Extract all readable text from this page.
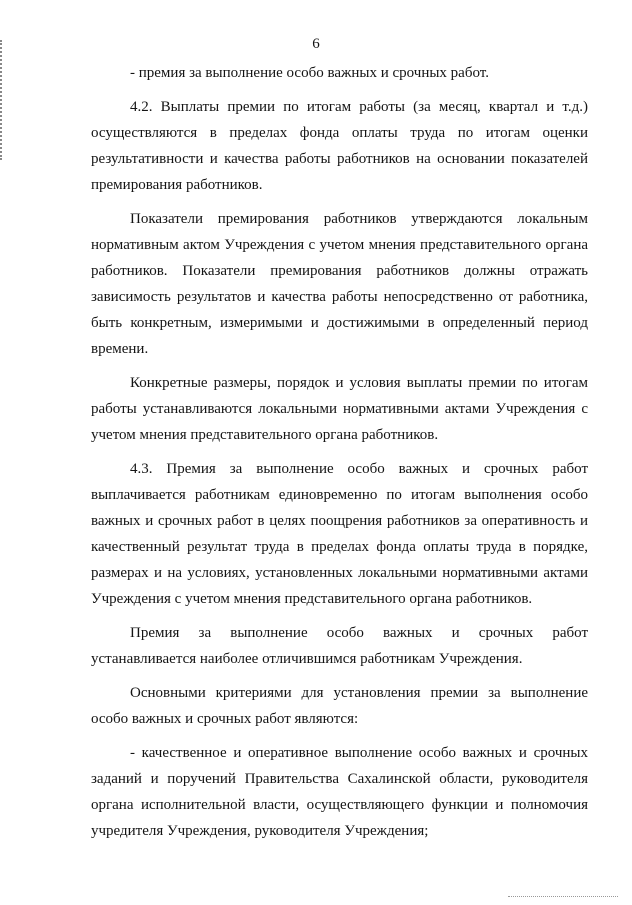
6

- премия за выполнение особо важных и срочных работ.

4.2. Выплаты премии по итогам работы (за месяц, квартал и т.д.) осуществляются в пределах фонда оплаты труда по итогам оценки результативности и качества работы работников на основании показателей премирования работников.

Показатели премирования работников утверждаются локальным нормативным актом Учреждения с учетом мнения представительного органа работников. Показатели премирования работников должны отражать зависимость результатов и качества работы непосредственно от работника, быть конкретным, измеримыми и достижимыми в определенный период времени.

Конкретные размеры, порядок и условия выплаты премии по итогам работы устанавливаются локальными нормативными актами Учреждения с учетом мнения представительного органа работников.

4.3. Премия за выполнение особо важных и срочных работ выплачивается работникам единовременно по итогам выполнения особо важных и срочных работ в целях поощрения работников за оперативность и качественный результат труда в пределах фонда оплаты труда в порядке, размерах и на условиях, установленных локальными нормативными актами Учреждения с учетом мнения представительного органа работников.

Премия за выполнение особо важных и срочных работ устанавливается наиболее отличившимся работникам Учреждения.

Основными критериями для установления премии за выполнение особо важных и срочных работ являются:

- качественное и оперативное выполнение особо важных и срочных заданий и поручений Правительства Сахалинской области, руководителя органа исполнительной власти, осуществляющего функции и полномочия учредителя Учреждения, руководителя Учреждения;
